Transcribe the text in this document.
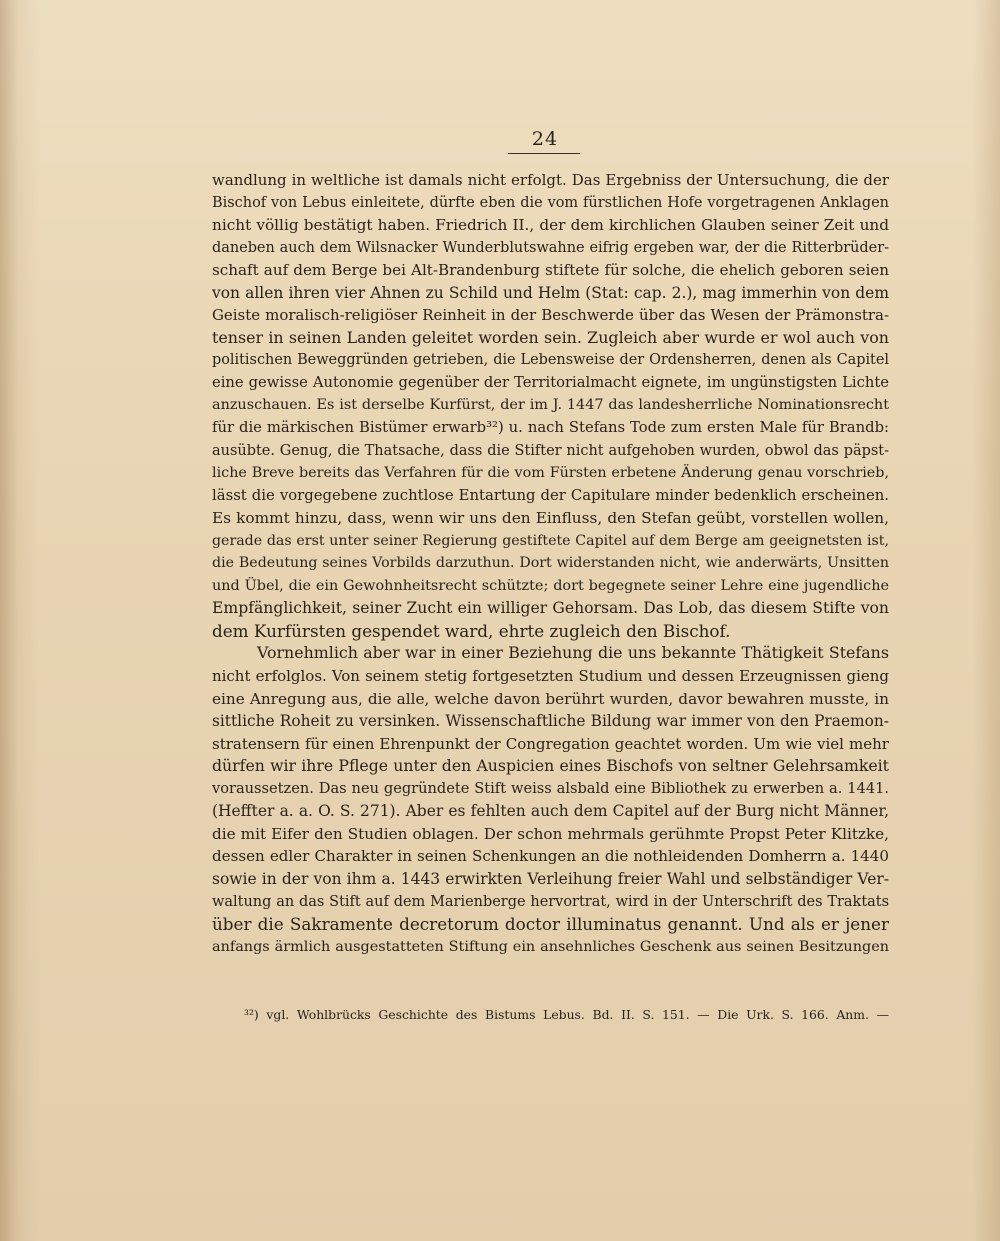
24
wandlung in weltliche ist damals nicht erfolgt. Das Ergebniss der Untersuchung, die der
Bischof von Lebus einleitete, dürfte eben die vom fürstlichen Hofe vorgetragenen Anklagen
nicht völlig bestätigt haben. Friedrich II., der dem kirchlichen Glauben seiner Zeit und
daneben auch dem Wilsnacker Wunderblutswahne eifrig ergeben war, der die Ritterbrüder-
schaft auf dem Berge bei Alt-Brandenburg stiftete für solche, die ehelich geboren seien
von allen ihren vier Ahnen zu Schild und Helm (Stat: cap. 2.), mag immerhin von dem
Geiste moralisch-religiöser Reinheit in der Beschwerde über das Wesen der Prämonstra-
tenser in seinen Landen geleitet worden sein. Zugleich aber wurde er wol auch von
politischen Beweggründen getrieben, die Lebensweise der Ordensherren, denen als Capitel
eine gewisse Autonomie gegenüber der Territorialmacht eignete, im ungünstigsten Lichte
anzuschauen. Es ist derselbe Kurfürst, der im J. 1447 das landesherrliche Nominationsrecht
für die märkischen Bistümer erwarb³²) u. nach Stefans Tode zum ersten Male für Brandb:
ausübte. Genug, die Thatsache, dass die Stifter nicht aufgehoben wurden, obwol das päpst-
liche Breve bereits das Verfahren für die vom Fürsten erbetene Änderung genau vorschrieb,
lässt die vorgegebene zuchtlose Entartung der Capitulare minder bedenklich erscheinen.
Es kommt hinzu, dass, wenn wir uns den Einfluss, den Stefan geübt, vorstellen wollen,
gerade das erst unter seiner Regierung gestiftete Capitel auf dem Berge am geeignetsten ist,
die Bedeutung seines Vorbilds darzuthun. Dort widerstanden nicht, wie anderwärts, Unsitten
und Übel, die ein Gewohnheitsrecht schützte; dort begegnete seiner Lehre eine jugendliche
Empfänglichkeit, seiner Zucht ein williger Gehorsam. Das Lob, das diesem Stifte von
dem Kurfürsten gespendet ward, ehrte zugleich den Bischof.
Vornehmlich aber war in einer Beziehung die uns bekannte Thätigkeit Stefans
nicht erfolglos. Von seinem stetig fortgesetzten Studium und dessen Erzeugnissen gieng
eine Anregung aus, die alle, welche davon berührt wurden, davor bewahren musste, in
sittliche Roheit zu versinken. Wissenschaftliche Bildung war immer von den Praemon-
stratensern für einen Ehrenpunkt der Congregation geachtet worden. Um wie viel mehr
dürfen wir ihre Pflege unter den Auspicien eines Bischofs von seltner Gelehrsamkeit
voraussetzen. Das neu gegründete Stift weiss alsbald eine Bibliothek zu erwerben a. 1441.
(Heffter a. a. O. S. 271). Aber es fehlten auch dem Capitel auf der Burg nicht Männer,
die mit Eifer den Studien oblagen. Der schon mehrmals gerühmte Propst Peter Klitzke,
dessen edler Charakter in seinen Schenkungen an die nothleidenden Domherrn a. 1440
sowie in der von ihm a. 1443 erwirkten Verleihung freier Wahl und selbständiger Ver-
waltung an das Stift auf dem Marienberge hervortrat, wird in der Unterschrift des Traktats
über die Sakramente decretorum doctor illuminatus genannt. Und als er jener
anfangs ärmlich ausgestatteten Stiftung ein ansehnliches Geschenk aus seinen Besitzungen
³²) vgl. Wohlbrücks Geschichte des Bistums Lebus. Bd. II. S. 151. — Die Urk. S. 166. Anm. —
